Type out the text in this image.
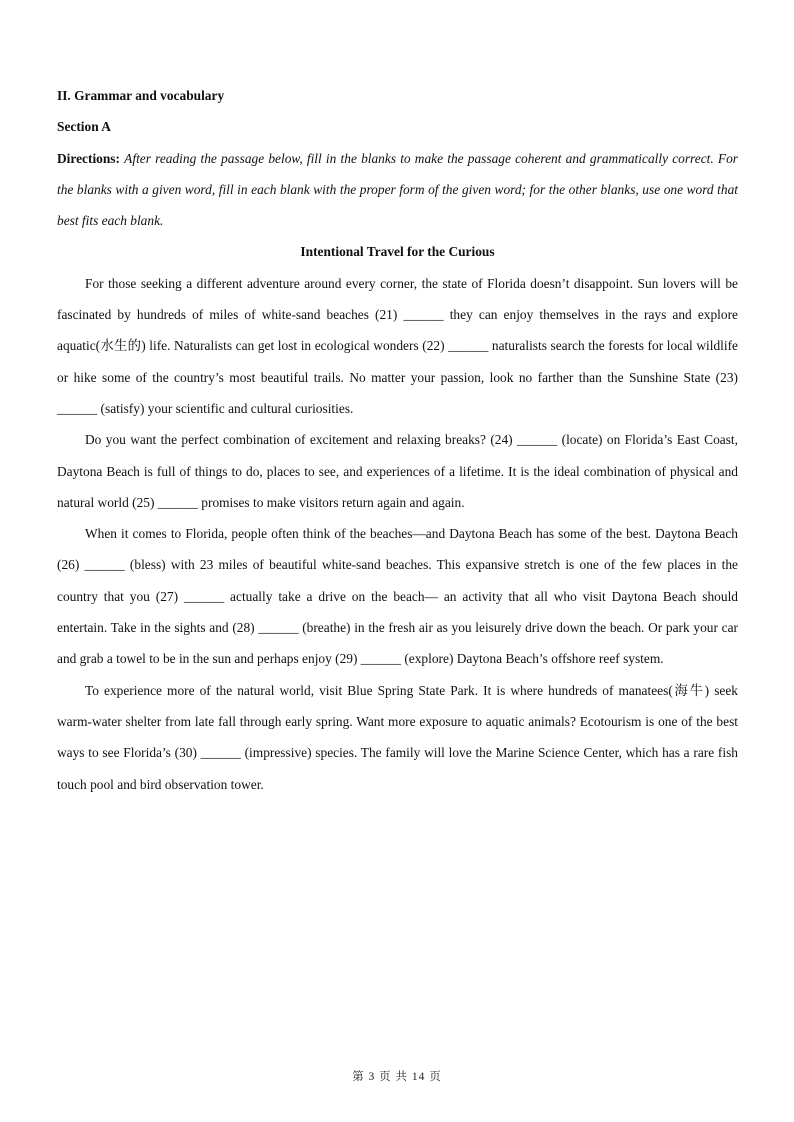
II. Grammar and vocabulary

Section A

Directions: After reading the passage below, fill in the blanks to make the passage coherent and grammatically correct. For the blanks with a given word, fill in each blank with the proper form of the given word; for the other blanks, use one word that best fits each blank.

Intentional Travel for the Curious

For those seeking a different adventure around every corner, the state of Florida doesn’t disappoint. Sun lovers will be fascinated by hundreds of miles of white-sand beaches (21) ______ they can enjoy themselves in the rays and explore aquatic(水生的) life. Naturalists can get lost in ecological wonders (22) ______ naturalists search the forests for local wildlife or hike some of the country’s most beautiful trails. No matter your passion, look no farther than the Sunshine State (23) ______ (satisfy) your scientific and cultural curiosities.

Do you want the perfect combination of excitement and relaxing breaks? (24) ______ (locate) on Florida’s East Coast, Daytona Beach is full of things to do, places to see, and experiences of a lifetime. It is the ideal combination of physical and natural world (25) ______ promises to make visitors return again and again.

When it comes to Florida, people often think of the beaches—and Daytona Beach has some of the best. Daytona Beach (26) ______ (bless) with 23 miles of beautiful white-sand beaches. This expansive stretch is one of the few places in the country that you (27) ______ actually take a drive on the beach— an activity that all who visit Daytona Beach should entertain. Take in the sights and (28) ______ (breathe) in the fresh air as you leisurely drive down the beach. Or park your car and grab a towel to be in the sun and perhaps enjoy (29) ______ (explore) Daytona Beach’s offshore reef system.

To experience more of the natural world, visit Blue Spring State Park. It is where hundreds of manatees(海牛) seek warm-water shelter from late fall through early spring. Want more exposure to aquatic animals? Ecotourism is one of the best ways to see Florida’s (30) ______ (impressive) species. The family will love the Marine Science Center, which has a rare fish touch pool and bird observation tower.

第 3 页 共 14 页
